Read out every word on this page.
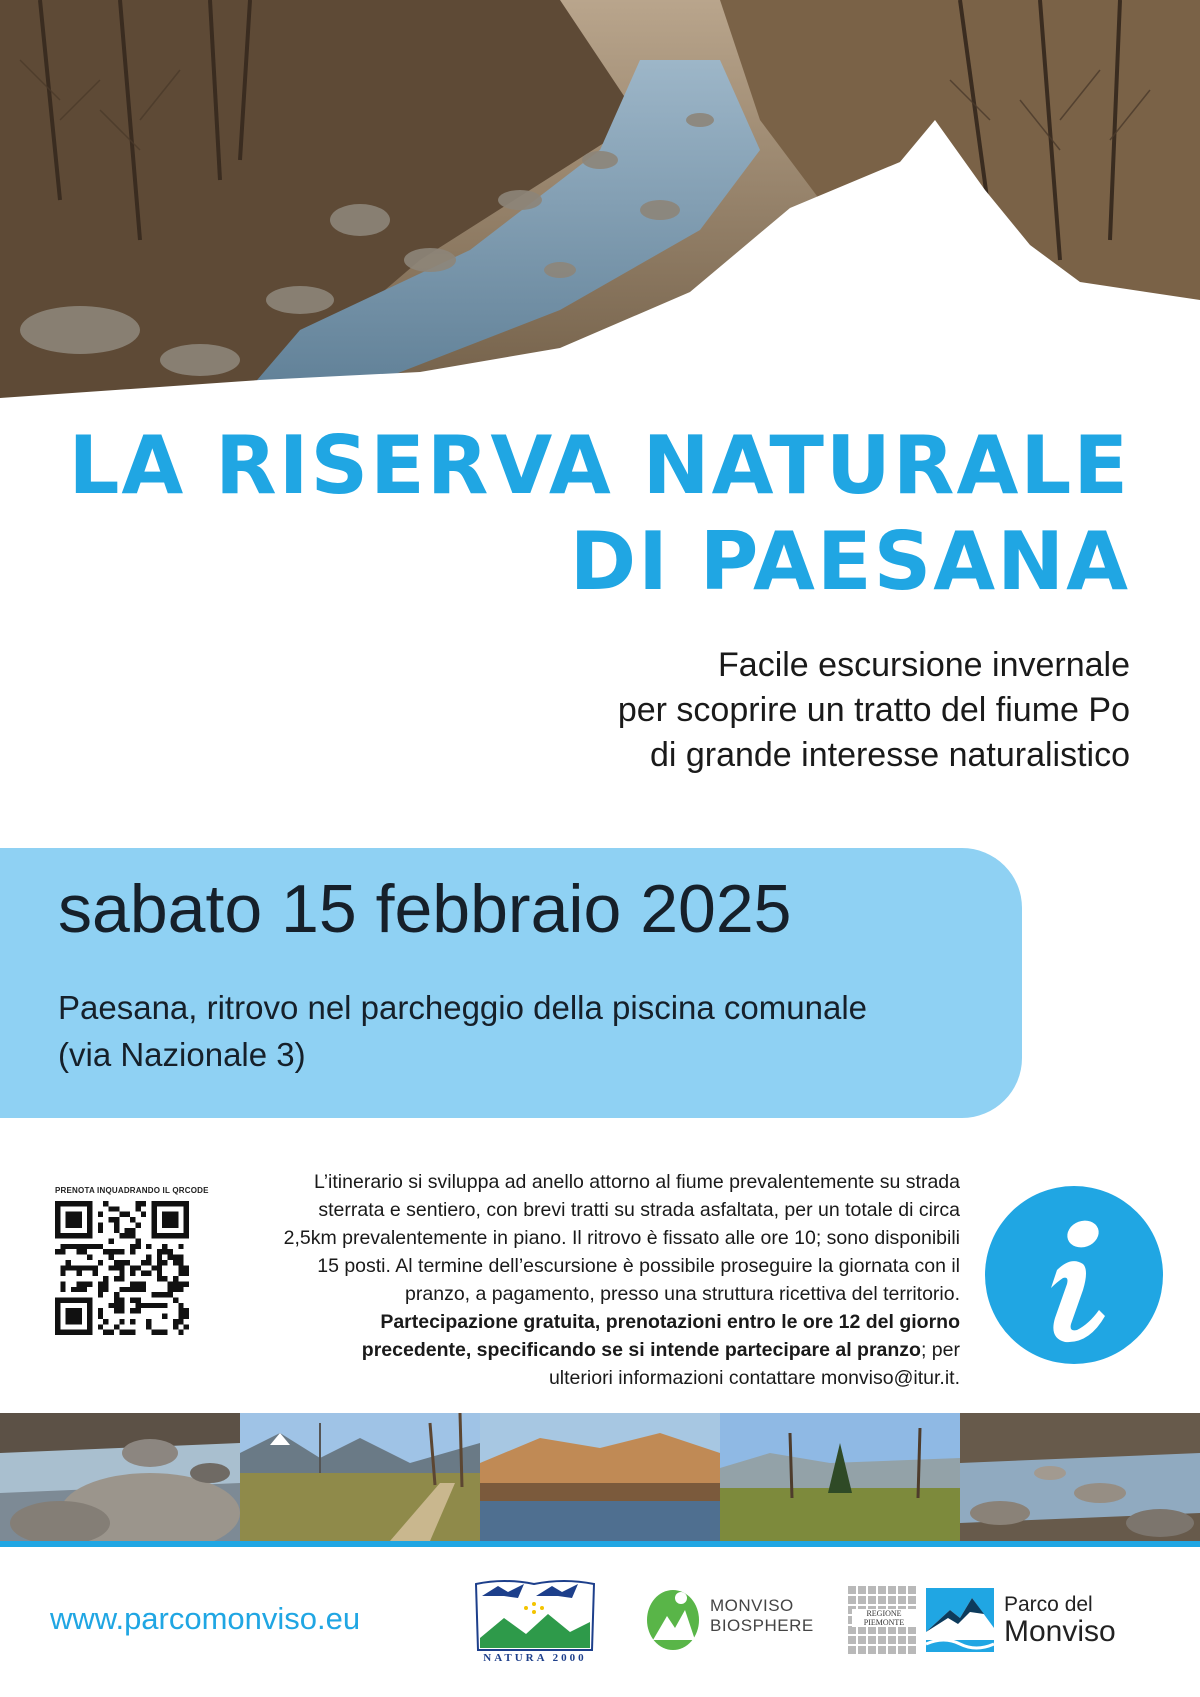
LA RISERVA NATURALE
DI PAESANA
Facile escursione invernale
per scoprire un tratto del fiume Po
di grande interesse naturalistico
sabato 15 febbraio 2025
Paesana, ritrovo nel parcheggio della piscina comunale
(via Nazionale 3)
PRENOTA INQUADRANDO IL QRCODE	L’itinerario si sviluppa ad anello attorno al fiume prevalentemente su strada
sterrata e sentiero, con brevi tratti su strada asfaltata, per un totale di circa
2,5km prevalentemente in piano. Il ritrovo è fissato alle ore 10; sono disponibili
15 posti. Al termine dell’escursione è possibile proseguire la giornata con il
pranzo, a pagamento, presso una struttura ricettiva del territorio.
Partecipazione gratuita, prenotazioni entro le ore 12 del giorno
precedente, specificando se si intende partecipare al pranzo; per
ulteriori informazioni contattare monviso@itur.it.
www.parcomonviso.eu
NATURA 2000
MONVISO
BIOSPHERE
REGIONE
PIEMONTE
Parco del
Monviso
